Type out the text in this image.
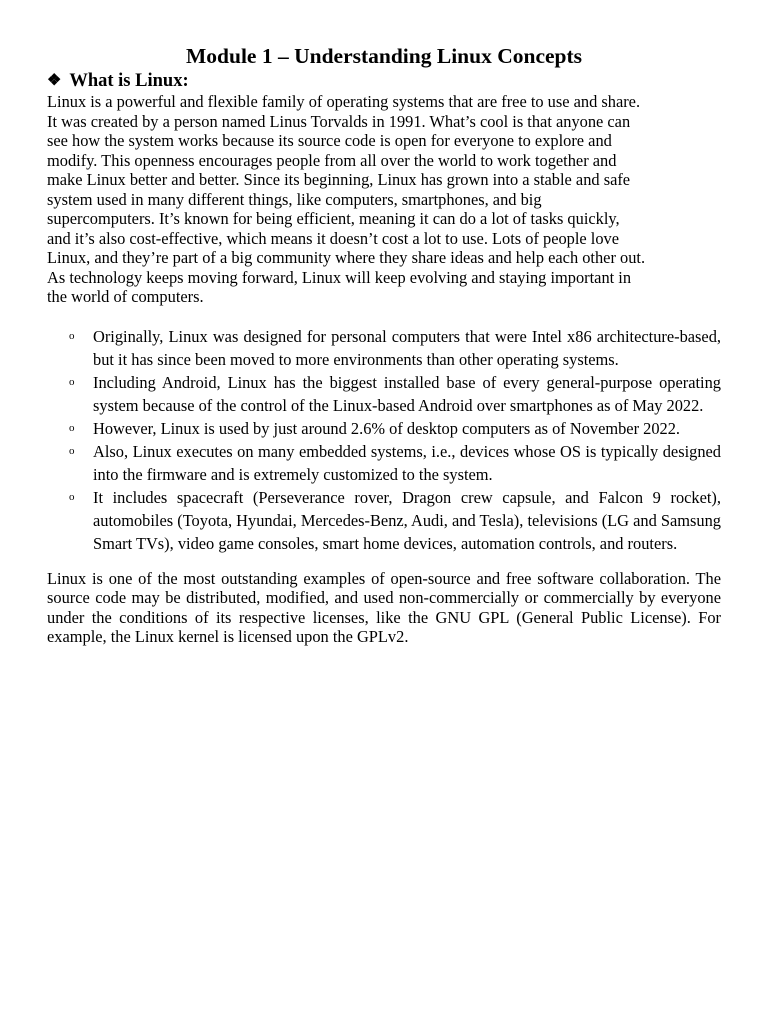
Module 1 – Understanding Linux Concepts
❖ What is Linux:

Linux is a powerful and flexible family of operating systems that are free to use and share.
It was created by a person named Linus Torvalds in 1991. What’s cool is that anyone can
see how the system works because its source code is open for everyone to explore and
modify. This openness encourages people from all over the world to work together and
make Linux better and better. Since its beginning, Linux has grown into a stable and safe
system used in many different things, like computers, smartphones, and big
supercomputers. It’s known for being efficient, meaning it can do a lot of tasks quickly,
and it’s also cost-effective, which means it doesn’t cost a lot to use. Lots of people love
Linux, and they’re part of a big community where they share ideas and help each other out.
As technology keeps moving forward, Linux will keep evolving and staying important in
the world of computers.

o Originally, Linux was designed for personal computers that were Intel x86 architecture-based, but it has since been moved to more environments than other operating systems.
o Including Android, Linux has the biggest installed base of every general-purpose operating system because of the control of the Linux-based Android over smartphones as of May 2022.
o However, Linux is used by just around 2.6% of desktop computers as of November 2022.
o Also, Linux executes on many embedded systems, i.e., devices whose OS is typically designed into the firmware and is extremely customized to the system.
o It includes spacecraft (Perseverance rover, Dragon crew capsule, and Falcon 9 rocket), automobiles (Toyota, Hyundai, Mercedes-Benz, Audi, and Tesla), televisions (LG and Samsung Smart TVs), video game consoles, smart home devices, automation controls, and routers.

Linux is one of the most outstanding examples of open-source and free software collaboration. The source code may be distributed, modified, and used non-commercially or commercially by everyone under the conditions of its respective licenses, like the GNU GPL (General Public License). For example, the Linux kernel is licensed upon the GPLv2.
